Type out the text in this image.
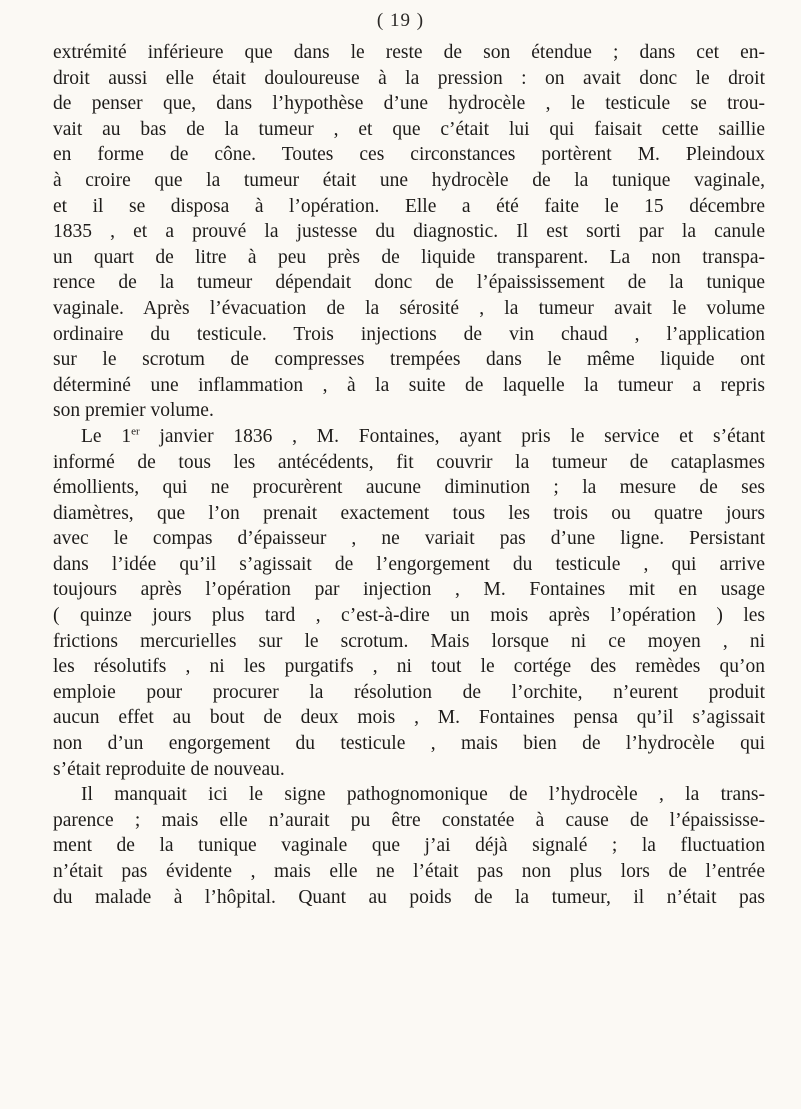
( 19 )
extrémité inférieure que dans le reste de son étendue ; dans cet en-
droit aussi elle était douloureuse à la pression : on avait donc le droit
de penser que, dans l’hypothèse d’une hydrocèle , le testicule se trou-
vait au bas de la tumeur , et que c’était lui qui faisait cette saillie
en forme de cône. Toutes ces circonstances portèrent M. Pleindoux
à croire que la tumeur était une hydrocèle de la tunique vaginale,
et il se disposa à l’opération. Elle a été faite le 15 décembre
1835 , et a prouvé la justesse du diagnostic. Il est sorti par la canule
un quart de litre à peu près de liquide transparent. La non transpa-
rence de la tumeur dépendait donc de l’épaississement de la tunique
vaginale. Après l’évacuation de la sérosité , la tumeur avait le volume
ordinaire du testicule. Trois injections de vin chaud , l’application
sur le scrotum de compresses trempées dans le même liquide ont
déterminé une inflammation , à la suite de laquelle la tumeur a repris
son premier volume.
Le 1er janvier 1836 , M. Fontaines, ayant pris le service et s’étant
informé de tous les antécédents, fit couvrir la tumeur de cataplasmes
émollients, qui ne procurèrent aucune diminution ; la mesure de ses
diamètres, que l’on prenait exactement tous les trois ou quatre jours
avec le compas d’épaisseur , ne variait pas d’une ligne. Persistant
dans l’idée qu’il s’agissait de l’engorgement du testicule , qui arrive
toujours après l’opération par injection , M. Fontaines mit en usage
( quinze jours plus tard , c’est-à-dire un mois après l’opération ) les
frictions mercurielles sur le scrotum. Mais lorsque ni ce moyen , ni
les résolutifs , ni les purgatifs , ni tout le cortége des remèdes qu’on
emploie pour procurer la résolution de l’orchite, n’eurent produit
aucun effet au bout de deux mois , M. Fontaines pensa qu’il s’agissait
non d’un engorgement du testicule , mais bien de l’hydrocèle qui
s’était reproduite de nouveau.
Il manquait ici le signe pathognomonique de l’hydrocèle , la trans-
parence ; mais elle n’aurait pu être constatée à cause de l’épaississe-
ment de la tunique vaginale que j’ai déjà signalé ; la fluctuation
n’était pas évidente , mais elle ne l’était pas non plus lors de l’entrée
du malade à l’hôpital. Quant au poids de la tumeur, il n’était pas
